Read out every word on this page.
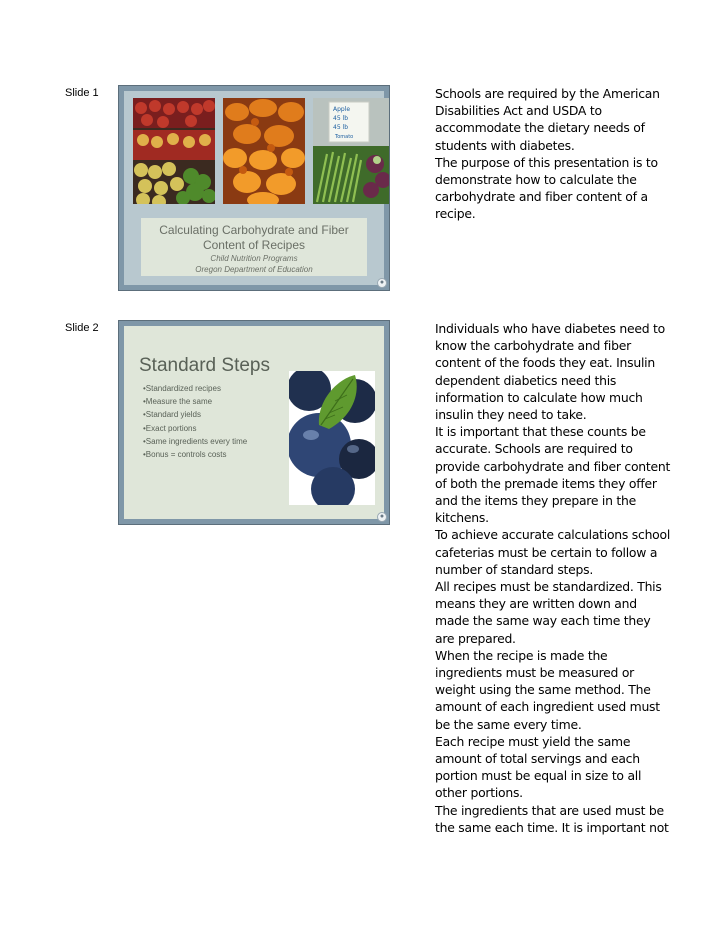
Slide 1
Apple
45 lb
45 lb
Tomato
Calculating Carbohydrate and Fiber
Content of Recipes
Child Nutrition Programs
Oregon Department of Education
●

Schools are required by the American Disabilities Act and USDA to accommodate the dietary needs of students with diabetes.

The purpose of this presentation is to demonstrate how to calculate the carbohydrate and fiber content of a recipe.

Slide 2
Standard Steps
•Standardized recipes
•Measure the same
•Standard yields
•Exact portions
•Same ingredients every time
•Bonus = controls costs
●

Individuals who have diabetes need to know the carbohydrate and fiber content of the foods they eat. Insulin dependent diabetics need this information to calculate how much insulin they need to take.

It is important that these counts be accurate. Schools are required to provide carbohydrate and fiber content of both the premade items they offer and the items they prepare in the kitchens.

To achieve accurate calculations school cafeterias must be certain to follow a number of standard steps.

All recipes must be standardized. This means they are written down and made the same way each time they are prepared.

When the recipe is made the ingredients must be measured or weight using the same method. The amount of each ingredient used must be the same every time.

Each recipe must yield the same amount of total servings and each portion must be equal in size to all other portions.

The ingredients that are used must be the same each time. It is important not
